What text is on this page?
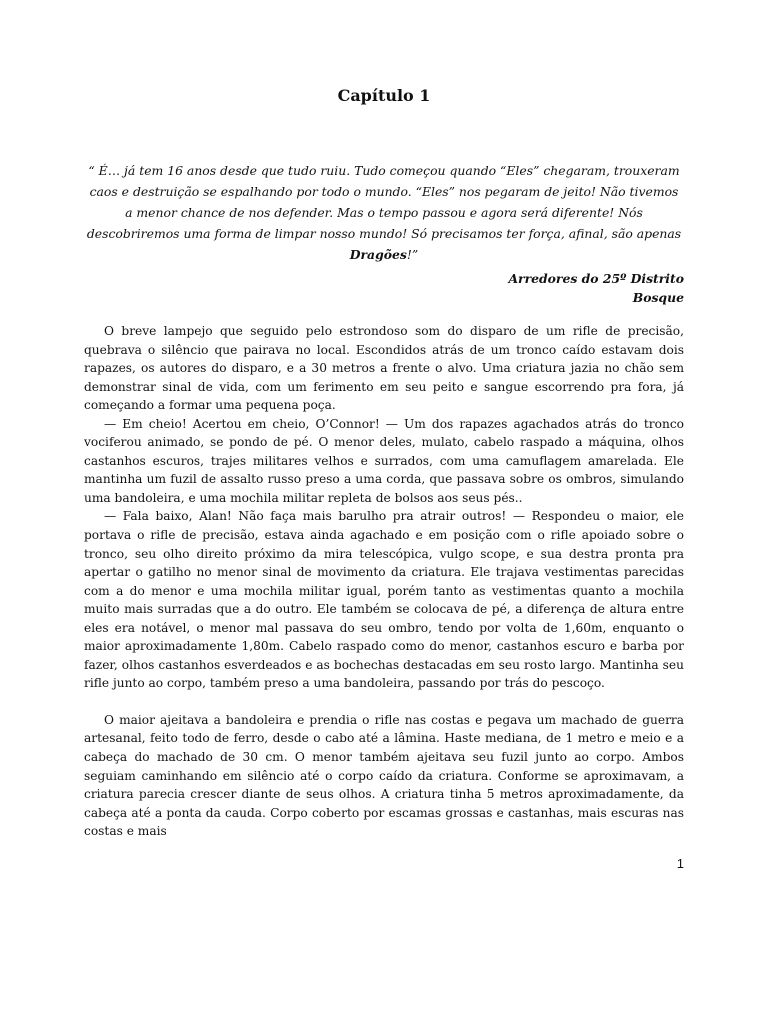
Capítulo 1

“ É… já tem 16 anos desde que tudo ruiu. Tudo começou quando “Eles” chegaram, trouxeram caos e destruição se espalhando por todo o mundo. “Eles” nos pegaram de jeito! Não tivemos a menor chance de nos defender. Mas o tempo passou e agora será diferente! Nós descobriremos uma forma de limpar nosso mundo! Só precisamos ter força, afinal, são apenas Dragões!”

Arredores do 25º Distrito
Bosque

O breve lampejo que seguido pelo estrondoso som do disparo de um rifle de precisão, quebrava o silêncio que pairava no local. Escondidos atrás de um tronco caído estavam dois rapazes, os autores do disparo, e a 30 metros a frente o alvo. Uma criatura jazia no chão sem demonstrar sinal de vida, com um ferimento em seu peito e sangue escorrendo pra fora, já começando a formar uma pequena poça.

— Em cheio! Acertou em cheio, O’Connor! — Um dos rapazes agachados atrás do tronco vociferou animado, se pondo de pé. O menor deles, mulato, cabelo raspado a máquina, olhos castanhos escuros, trajes militares velhos e surrados, com uma camuflagem amarelada. Ele mantinha um fuzil de assalto russo preso a uma corda, que passava sobre os ombros, simulando uma bandoleira, e uma mochila militar repleta de bolsos aos seus pés..

— Fala baixo, Alan! Não faça mais barulho pra atrair outros! — Respondeu o maior, ele portava o rifle de precisão, estava ainda agachado e em posição com o rifle apoiado sobre o tronco, seu olho direito próximo da mira telescópica, vulgo scope, e sua destra pronta pra apertar o gatilho no menor sinal de movimento da criatura. Ele trajava vestimentas parecidas com a do menor e uma mochila militar igual, porém tanto as vestimentas quanto a mochila muito mais surradas que a do outro. Ele também se colocava de pé, a diferença de altura entre eles era notável, o menor mal passava do seu ombro, tendo por volta de 1,60m, enquanto o maior aproximadamente 1,80m. Cabelo raspado como do menor, castanhos escuro e barba por fazer, olhos castanhos esverdeados e as bochechas destacadas em seu rosto largo. Mantinha seu rifle junto ao corpo, também preso a uma bandoleira, passando por trás do pescoço.

O maior ajeitava a bandoleira e prendia o rifle nas costas e pegava um machado de guerra artesanal, feito todo de ferro, desde o cabo até a lâmina. Haste mediana, de 1 metro e meio e a cabeça do machado de 30 cm. O menor também ajeitava seu fuzil junto ao corpo. Ambos seguiam caminhando em silêncio até o corpo caído da criatura. Conforme se aproximavam, a criatura parecia crescer diante de seus olhos. A criatura tinha 5 metros aproximadamente, da cabeça até a ponta da cauda. Corpo coberto por escamas grossas e castanhas, mais escuras nas costas e mais

1
